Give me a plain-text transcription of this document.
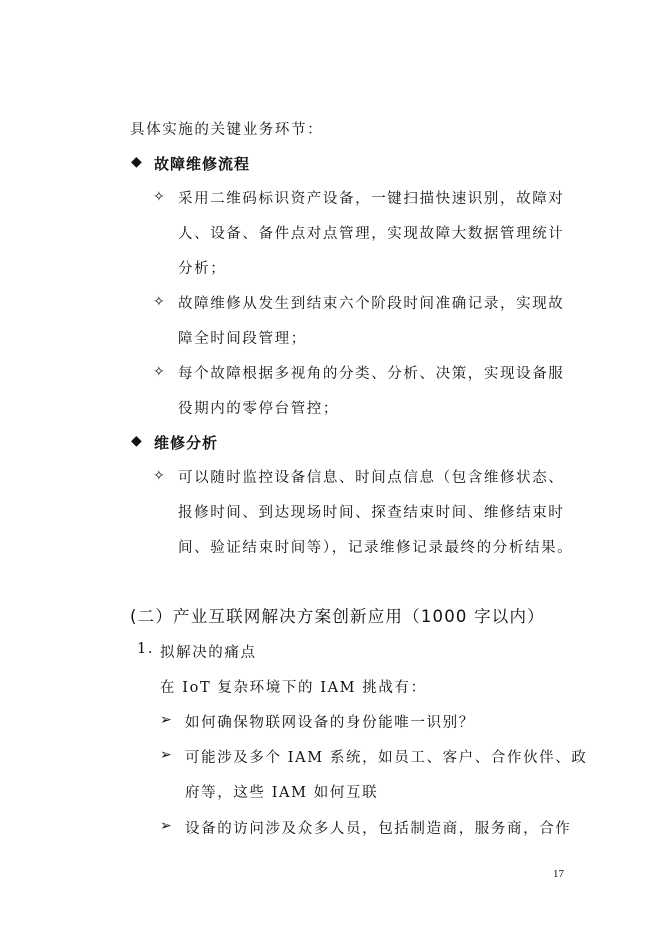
具体实施的关键业务环节：
◆ 故障维修流程
✧ 采用二维码标识资产设备，一键扫描快速识别，故障对
人、设备、备件点对点管理，实现故障大数据管理统计
分析；
✧ 故障维修从发生到结束六个阶段时间准确记录，实现故
障全时间段管理；
✧ 每个故障根据多视角的分类、分析、决策，实现设备服
役期内的零停台管控；
◆ 维修分析
✧ 可以随时监控设备信息、时间点信息（包含维修状态、
报修时间、到达现场时间、探查结束时间、维修结束时
间、验证结束时间等），记录维修记录最终的分析结果。
(二）产业互联网解决方案创新应用（1000 字以内）
1. 拟解决的痛点
在 IoT 复杂环境下的 IAM 挑战有：
➢ 如何确保物联网设备的身份能唯一识别？
➢ 可能涉及多个 IAM 系统，如员工、客户、合作伙伴、政
府等，这些 IAM 如何互联
➢ 设备的访问涉及众多人员，包括制造商，服务商，合作
17
